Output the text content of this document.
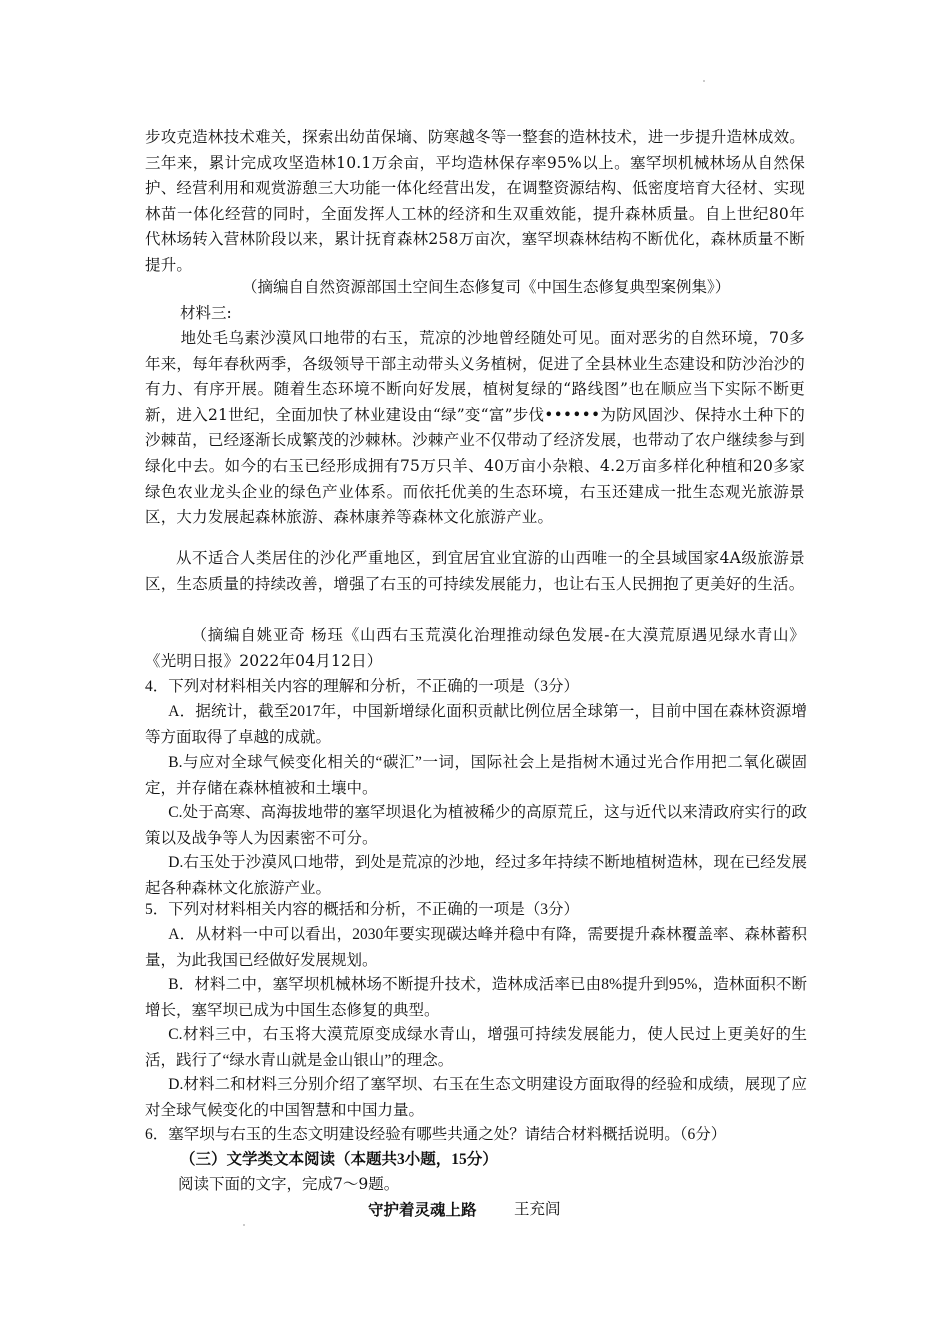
步攻克造林技术难关，探索出幼苗保墒、防寒越冬等一整套的造林技术，进一步提升造林成效。三年来，累计完成攻坚造林10.1万余亩，平均造林保存率95%以上。塞罕坝机械林场从自然保护、经营利用和观赏游憩三大功能一体化经营出发，在调整资源结构、低密度培育大径材、实现林苗一体化经营的同时，全面发挥人工林的经济和生双重效能，提升森林质量。自上世纪80年代林场转入营林阶段以来，累计抚育森林258万亩次，塞罕坝森林结构不断优化，森林质量不断提升。

（摘编自自然资源部国土空间生态修复司《中国生态修复典型案例集》）

材料三:

地处毛乌素沙漠风口地带的右玉，荒凉的沙地曾经随处可见。面对恶劣的自然环境，70多年来，每年春秋两季，各级领导干部主动带头义务植树，促进了全县林业生态建设和防沙治沙的有力、有序开展。随着生态环境不断向好发展，植树复绿的“路线图”也在顺应当下实际不断更新，进入21世纪，全面加快了林业建设由“绿”变“富”步伐••••••为防风固沙、保持水土种下的沙棘苗，已经逐渐长成繁茂的沙棘林。沙棘产业不仅带动了经济发展，也带动了农户继续参与到绿化中去。如今的右玉已经形成拥有75万只羊、40万亩小杂粮、4.2万亩多样化种植和20多家绿色农业龙头企业的绿色产业体系。而依托优美的生态环境，右玉还建成一批生态观光旅游景区，大力发展起森林旅游、森林康养等森林文化旅游产业。

从不适合人类居住的沙化严重地区，到宜居宜业宜游的山西唯一的全县域国家4A级旅游景区，生态质量的持续改善，增强了右玉的可持续发展能力，也让右玉人民拥抱了更美好的生活。

（摘编自姚亚奇 杨珏《山西右玉荒漠化治理推动绿色发展-在大漠荒原遇见绿水青山》《光明日报》2022年04月12日）

4．下列对材料相关内容的理解和分析，不正确的一项是（3分）

A．据统计，截至2017年，中国新增绿化面积贡献比例位居全球第一，目前中国在森林资源增等方面取得了卓越的成就。

B.与应对全球气候变化相关的“碳汇”一词，国际社会上是指树木通过光合作用把二氧化碳固定，并存储在森林植被和土壤中。

C.处于高寒、高海拔地带的塞罕坝退化为植被稀少的高原荒丘，这与近代以来清政府实行的政策以及战争等人为因素密不可分。

D.右玉处于沙漠风口地带，到处是荒凉的沙地，经过多年持续不断地植树造林，现在已经发展起各种森林文化旅游产业。

5．下列对材料相关内容的概括和分析，不正确的一项是（3分）

A．从材料一中可以看出，2030年要实现碳达峰并稳中有降，需要提升森林覆盖率、森林蓄积量，为此我国已经做好发展规划。

B．材料二中，塞罕坝机械林场不断提升技术，造林成活率已由8%提升到95%，造林面积不断增长，塞罕坝已成为中国生态修复的典型。

C.材料三中，右玉将大漠荒原变成绿水青山，增强可持续发展能力，使人民过上更美好的生活，践行了“绿水青山就是金山银山”的理念。

D.材料二和材料三分别介绍了塞罕坝、右玉在生态文明建设方面取得的经验和成绩，展现了应对全球气候变化的中国智慧和中国力量。

6．塞罕坝与右玉的生态文明建设经验有哪些共通之处？请结合材料概括说明。（6分）

（三）文学类文本阅读（本题共3小题，15分）

阅读下面的文字，完成7～9题。

守护着灵魂上路 王充闾
